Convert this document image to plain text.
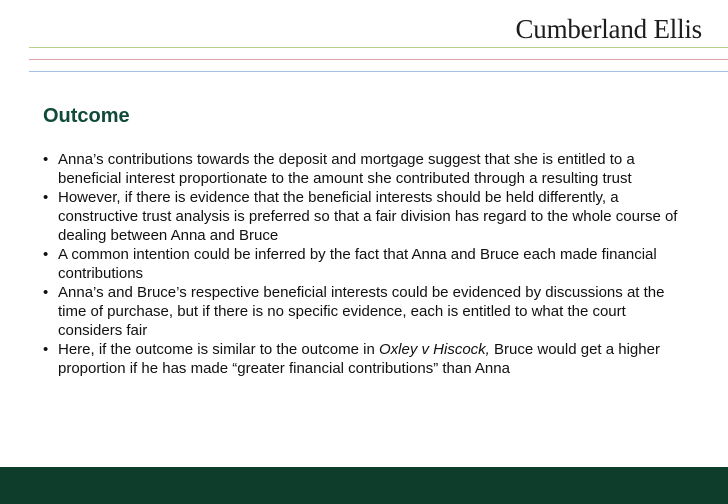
Cumberland Ellis
Outcome
• Anna’s contributions towards the deposit and mortgage suggest that she is entitled to a beneficial interest proportionate to the amount she contributed through a resulting trust
• However, if there is evidence that the beneficial interests should be held differently, a constructive trust analysis is preferred so that a fair division has regard to the whole course of dealing between Anna and Bruce
• A common intention could be inferred by the fact that Anna and Bruce each made financial contributions
• Anna’s and Bruce’s respective beneficial interests could be evidenced by discussions at the time of purchase, but if there is no specific evidence, each is entitled to what the court considers fair
• Here, if the outcome is similar to the outcome in Oxley v Hiscock, Bruce would get a higher proportion if he has made “greater financial contributions” than Anna
